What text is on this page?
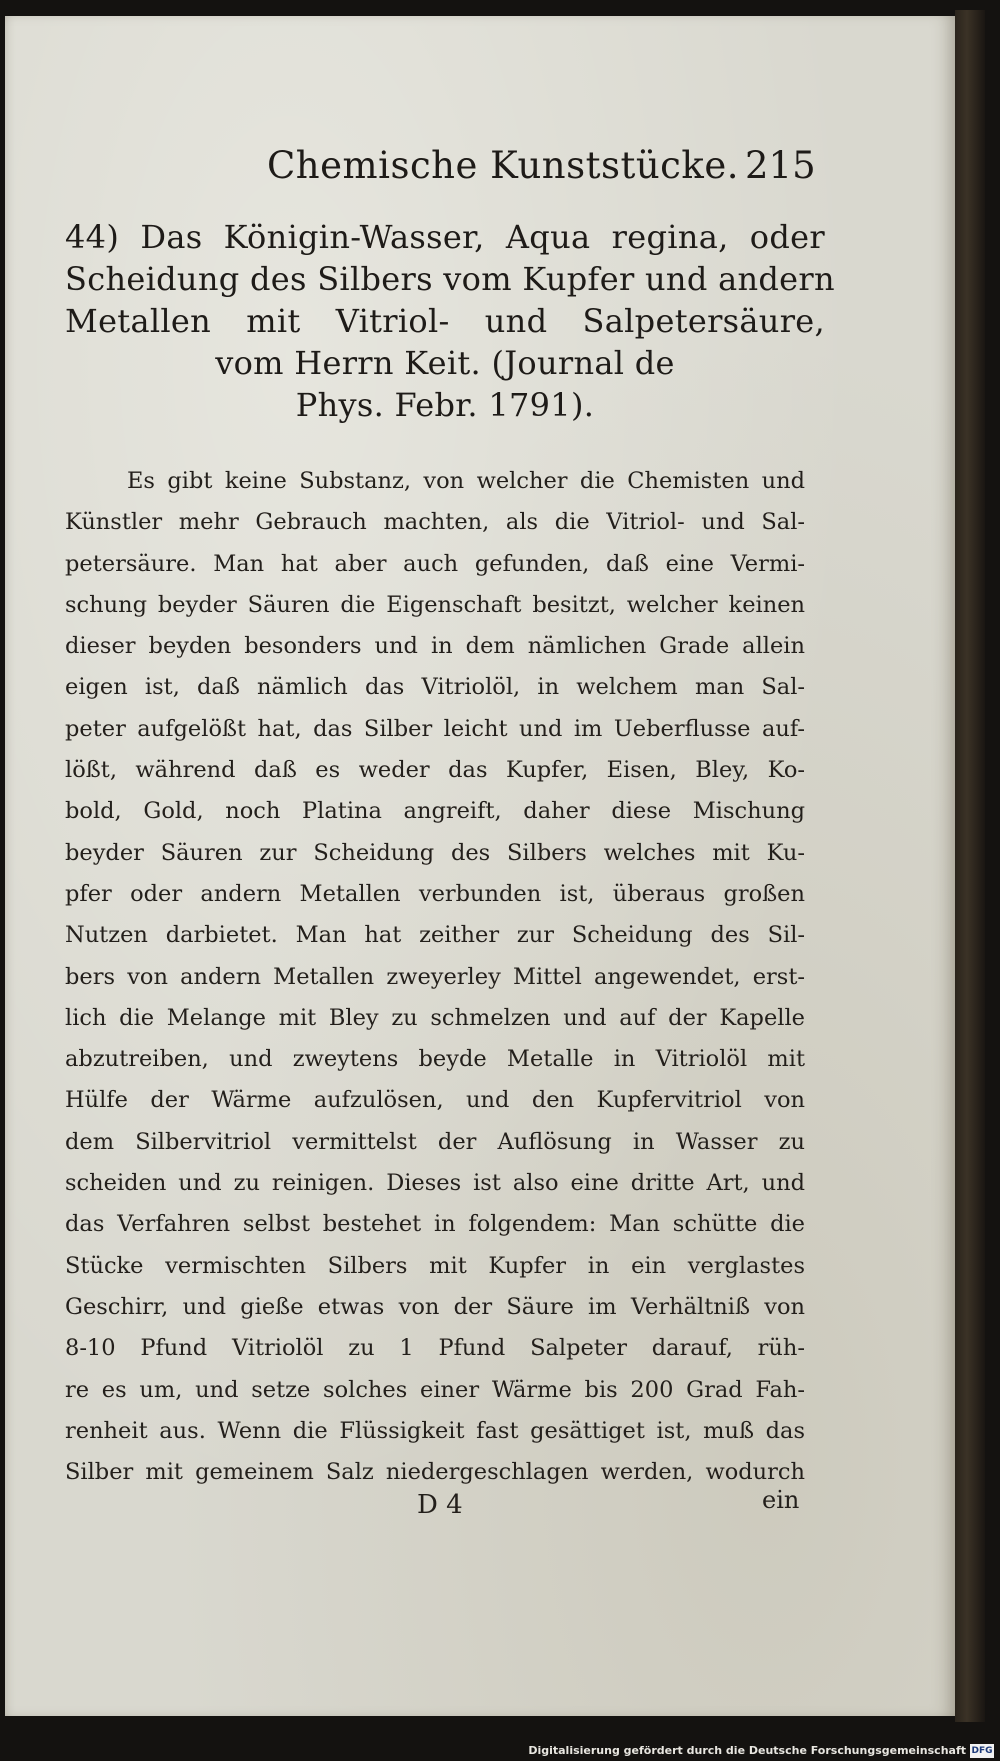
Chemische Kunststücke. 215
44) Das Königin-Wasser, Aqua regina, oder
Scheidung des Silbers vom Kupfer und andern
Metallen mit Vitriol- und Salpetersäure,
vom Herrn Keit. (Journal de
Phys. Febr. 1791).
Es gibt keine Substanz, von welcher die Chemisten und
Künstler mehr Gebrauch machten, als die Vitriol- und Sal-
petersäure. Man hat aber auch gefunden, daß eine Vermi-
schung beyder Säuren die Eigenschaft besitzt, welcher keinen
dieser beyden besonders und in dem nämlichen Grade allein
eigen ist, daß nämlich das Vitriolöl, in welchem man Sal-
peter aufgelößt hat, das Silber leicht und im Ueberflusse auf-
lößt, während daß es weder das Kupfer, Eisen, Bley, Ko-
bold, Gold, noch Platina angreift, daher diese Mischung
beyder Säuren zur Scheidung des Silbers welches mit Ku-
pfer oder andern Metallen verbunden ist, überaus großen
Nutzen darbietet. Man hat zeither zur Scheidung des Sil-
bers von andern Metallen zweyerley Mittel angewendet, erst-
lich die Melange mit Bley zu schmelzen und auf der Kapelle
abzutreiben, und zweytens beyde Metalle in Vitriolöl mit
Hülfe der Wärme aufzulösen, und den Kupfervitriol von
dem Silbervitriol vermittelst der Auflösung in Wasser zu
scheiden und zu reinigen. Dieses ist also eine dritte Art, und
das Verfahren selbst bestehet in folgendem: Man schütte die
Stücke vermischten Silbers mit Kupfer in ein verglastes
Geschirr, und gieße etwas von der Säure im Verhältniß von
8-10 Pfund Vitriolöl zu 1 Pfund Salpeter darauf, rüh-
re es um, und setze solches einer Wärme bis 200 Grad Fah-
renheit aus. Wenn die Flüssigkeit fast gesättiget ist, muß das
Silber mit gemeinem Salz niedergeschlagen werden, wodurch
D 4	ein
Digitalisierung gefördert durch die Deutsche Forschungsgemeinschaft DFG
